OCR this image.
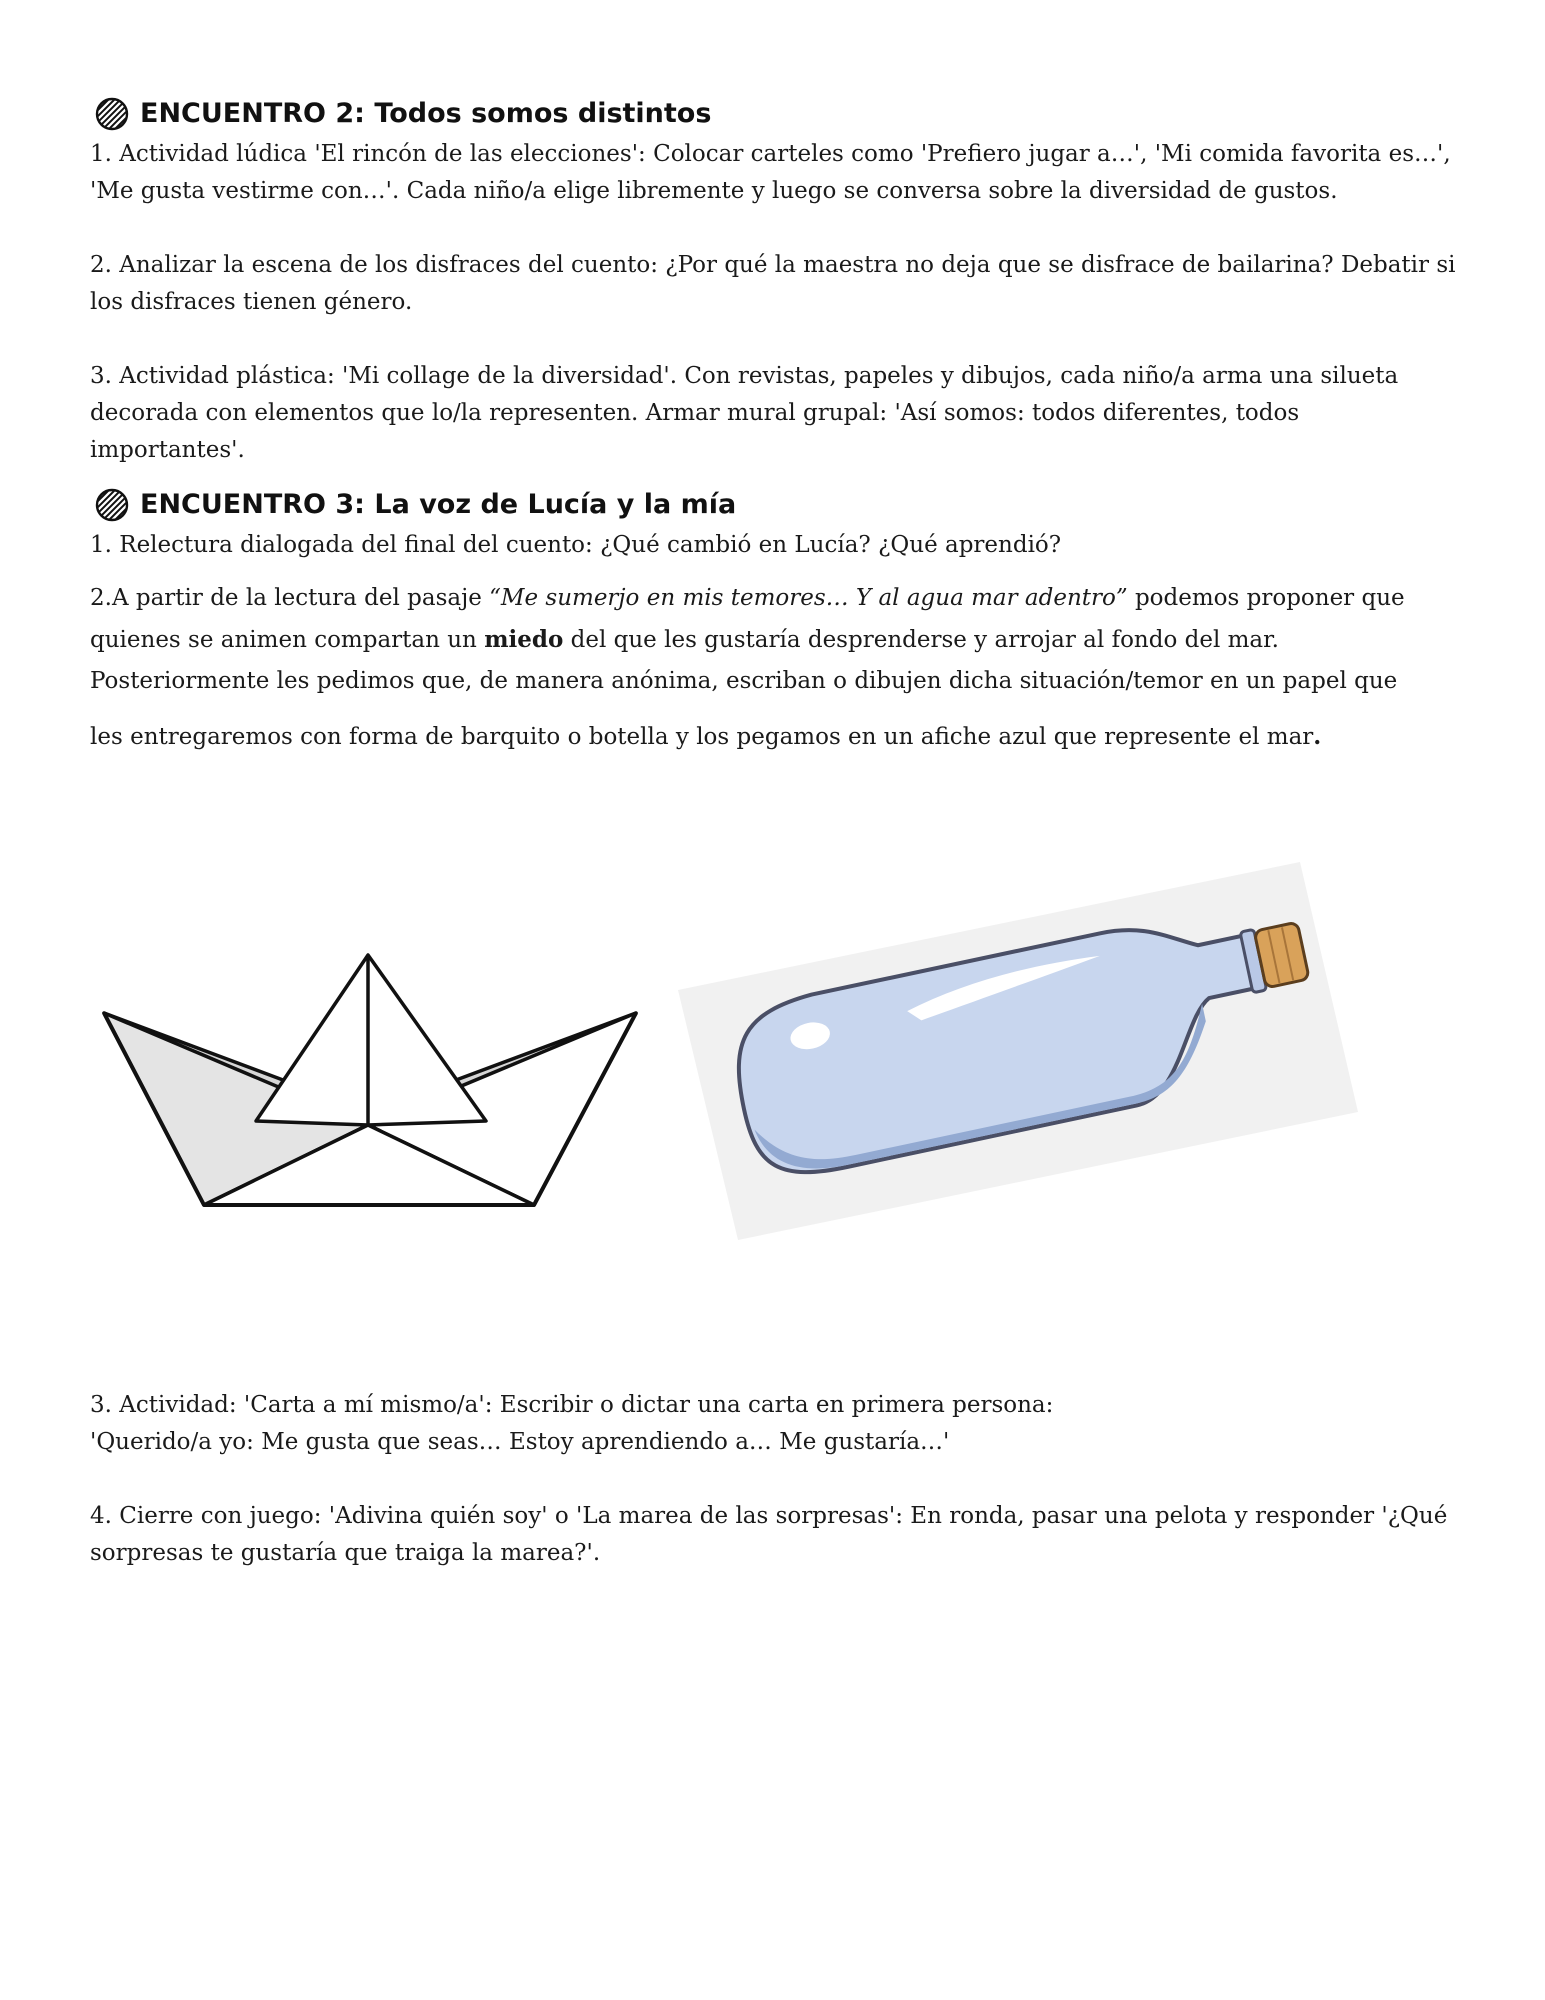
ENCUENTRO 2: Todos somos distintos

1. Actividad lúdica 'El rincón de las elecciones': Colocar carteles como 'Prefiero jugar a…', 'Mi comida favorita es…',
'Me gusta vestirme con…'. Cada niño/a elige libremente y luego se conversa sobre la diversidad de gustos.

2. Analizar la escena de los disfraces del cuento: ¿Por qué la maestra no deja que se disfrace de bailarina? Debatir si
los disfraces tienen género.

3. Actividad plástica: 'Mi collage de la diversidad'. Con revistas, papeles y dibujos, cada niño/a arma una silueta
decorada con elementos que lo/la representen. Armar mural grupal: 'Así somos: todos diferentes, todos
importantes'.

ENCUENTRO 3: La voz de Lucía y la mía

1. Relectura dialogada del final del cuento: ¿Qué cambió en Lucía? ¿Qué aprendió?

2.A partir de la lectura del pasaje “Me sumerjo en mis temores… Y al agua mar adentro” podemos proponer que
quienes se animen compartan un miedo del que les gustaría desprenderse y arrojar al fondo del mar.
Posteriormente les pedimos que, de manera anónima, escriban o dibujen dicha situación/temor en un papel que
les entregaremos con forma de barquito o botella y los pegamos en un afiche azul que represente el mar.

3. Actividad: 'Carta a mí mismo/a': Escribir o dictar una carta en primera persona:
'Querido/a yo: Me gusta que seas… Estoy aprendiendo a… Me gustaría…'

4. Cierre con juego: 'Adivina quién soy' o 'La marea de las sorpresas': En ronda, pasar una pelota y responder '¿Qué
sorpresas te gustaría que traiga la marea?'.
